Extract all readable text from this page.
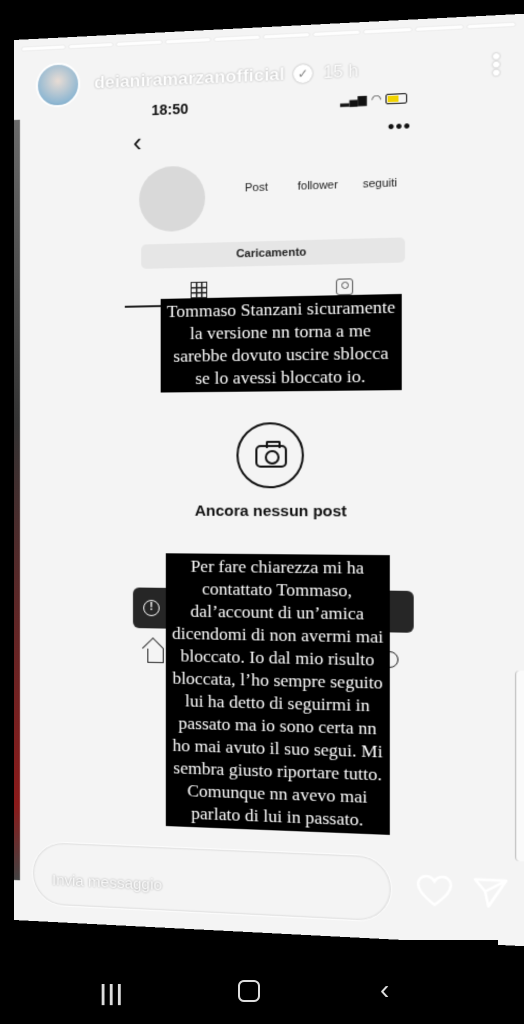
deianiramarzanofficial	✓ 15 h	•••
18:50	▂▄▆ ◠
‹
•••
Post	follower seguiti
Caricamento
Ancora nessun post
!
Tommaso Stanzani sicuramente la versione nn torna a me sarebbe dovuto uscire sblocca se lo avessi bloccato io.
Per fare chiarezza mi ha contattato Tommaso, dal’account di un’amica dicendomi di non avermi mai bloccato. Io dal mio risulto bloccata, l’ho sempre seguito lui ha detto di seguirmi in passato ma io sono certa nn ho mai avuto il suo segui. Mi sembra giusto riportare tutto. Comunque nn avevo mai parlato di lui in passato.
Invia messaggio
|||	‹
